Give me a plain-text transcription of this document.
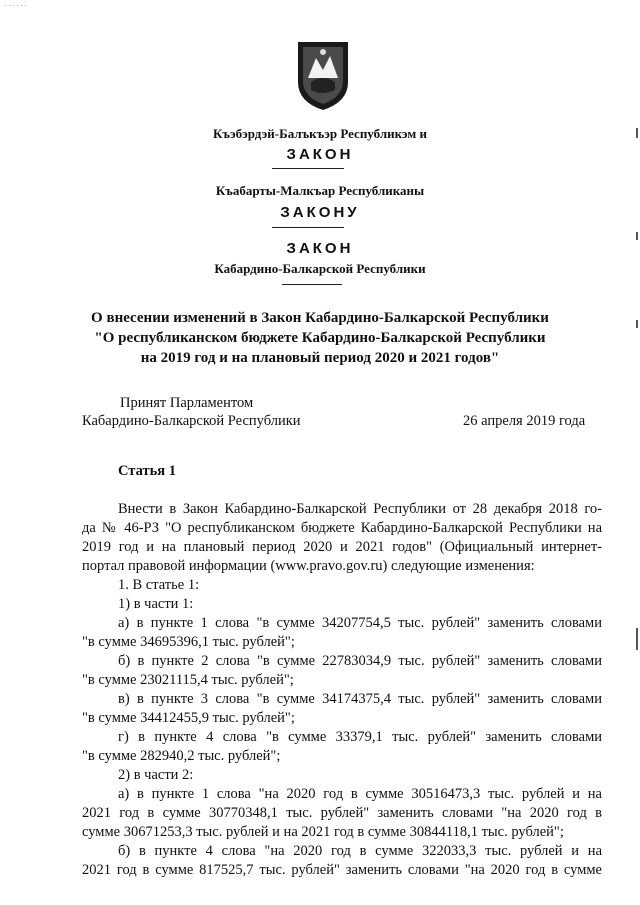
· · · · · ·
Къэбэрдэй-Балъкъэр Республикэм и
ЗАКОН
Къабарты-Малкъар Республиканы
ЗАКОНУ
ЗАКОН
Кабардино-Балкарской Республики
О внесении изменений в Закон Кабардино-Балкарской Республики
"О республиканском бюджете Кабардино-Балкарской Республики
на 2019 год и на плановый период 2020 и 2021 годов"
Принят Парламентом
Кабардино-Балкарской Республики	26 апреля 2019 года
Статья 1

Внести в Закон Кабардино-Балкарской Республики от 28 декабря 2018 го-

да № 46-РЗ "О республиканском бюджете Кабардино-Балкарской Республики на

2019 год и на плановый период 2020 и 2021 годов" (Официальный интернет-

портал правовой информации (www.pravo.gov.ru) следующие изменения:

1. В статье 1:

1) в части 1:

а) в пункте 1 слова "в сумме 34207754,5 тыс. рублей" заменить словами

"в сумме 34695396,1 тыс. рублей";

б) в пункте 2 слова "в сумме 22783034,9 тыс. рублей" заменить словами

"в сумме 23021115,4 тыс. рублей";

в) в пункте 3 слова "в сумме 34174375,4 тыс. рублей" заменить словами

"в сумме 34412455,9 тыс. рублей";

г) в пункте 4 слова "в сумме 33379,1 тыс. рублей" заменить словами

"в сумме 282940,2 тыс. рублей";

2) в части 2:

а) в пункте 1 слова "на 2020 год в сумме 30516473,3 тыс. рублей и на

2021 год в сумме 30770348,1 тыс. рублей" заменить словами "на 2020 год в

сумме 30671253,3 тыс. рублей и на 2021 год в сумме 30844118,1 тыс. рублей";

б) в пункте 4 слова "на 2020 год в сумме 322033,3 тыс. рублей и на

2021 год в сумме 817525,7 тыс. рублей" заменить словами "на 2020 год в сумме
